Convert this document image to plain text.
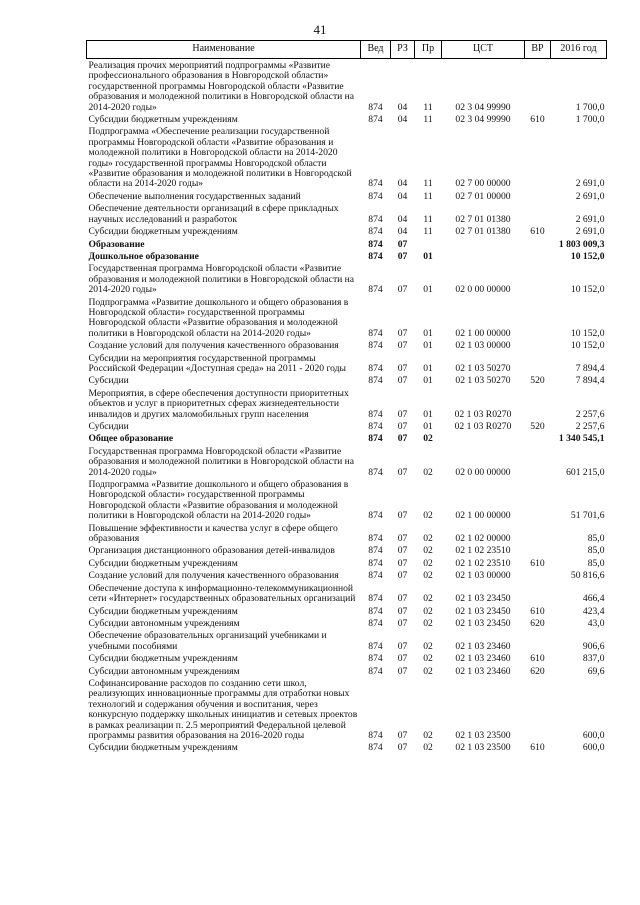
41
Наименование	Вед	РЗ	Пр	ЦСТ	ВР	2016 год
Реализация прочих мероприятий подпрограммы «Развитие профессионального образования в Новгородской области» государственной программы Новгородской области «Развитие образования и молодежной политики в Новгородской области на 2014-2020 годы»	874	04	11	02 3 04 99990		1 700,0
Субсидии бюджетным учреждениям	874	04	11	02 3 04 99990	610	1 700,0
Подпрограмма «Обеспечение реализации государственной программы Новгородской области «Развитие образования и молодежной политики в Новгородской области на 2014-2020 годы» государственной программы Новгородской области «Развитие образования и молодежной политики в Новгородской области на 2014-2020 годы»	874	04	11	02 7 00 00000		2 691,0
Обеспечение выполнения государственных заданий	874	04	11	02 7 01 00000		2 691,0
Обеспечение деятельности организаций в сфере прикладных научных исследований и разработок	874	04	11	02 7 01 01380		2 691,0
Субсидии бюджетным учреждениям	874	04	11	02 7 01 01380	610	2 691,0
Образование	874	07				1 803 009,3
Дошкольное образование	874	07	01			10 152,0
Государственная программа Новгородской области «Развитие образования и молодежной политики в Новгородской области на 2014-2020 годы»	874	07	01	02 0 00 00000		10 152,0
Подпрограмма «Развитие дошкольного и общего образования в Новгородской области» государственной программы Новгородской области «Развитие образования и молодежной политики в Новгородской области на 2014-2020 годы»	874	07	01	02 1 00 00000		10 152,0
Создание условий для получения качественного образования	874	07	01	02 1 03 00000		10 152,0
Субсидии на мероприятия государственной программы Российской Федерации «Доступная среда» на 2011 - 2020 годы	874	07	01	02 1 03 50270		7 894,4
Субсидии	874	07	01	02 1 03 50270	520	7 894,4
Мероприятия, в сфере обеспечения доступности приоритетных объектов и услуг в приоритетных сферах жизнедеятельности инвалидов и других маломобильных групп населения	874	07	01	02 1 03 R0270		2 257,6
Субсидии	874	07	01	02 1 03 R0270	520	2 257,6
Общее образование	874	07	02			1 340 545,1
Государственная программа Новгородской области «Развитие образования и молодежной политики в Новгородской области на 2014-2020 годы»	874	07	02	02 0 00 00000		601 215,0
Подпрограмма «Развитие дошкольного и общего образования в Новгородской области» государственной программы Новгородской области «Развитие образования и молодежной политики в Новгородской области на 2014-2020 годы»	874	07	02	02 1 00 00000		51 701,6
Повышение эффективности и качества услуг в сфере общего образования	874	07	02	02 1 02 00000		85,0
Организация дистанционного образования детей-инвалидов	874	07	02	02 1 02 23510		85,0
Субсидии бюджетным учреждениям	874	07	02	02 1 02 23510	610	85,0
Создание условий для получения качественного образования	874	07	02	02 1 03 00000		50 816,6
Обеспечение доступа к информационно-телекоммуникационной сети «Интернет» государственных образовательных организаций	874	07	02	02 1 03 23450		466,4
Субсидии бюджетным учреждениям	874	07	02	02 1 03 23450	610	423,4
Субсидии автономным учреждениям	874	07	02	02 1 03 23450	620	43,0
Обеспечение образовательных организаций учебниками и учебными пособиями	874	07	02	02 1 03 23460		906,6
Субсидии бюджетным учреждениям	874	07	02	02 1 03 23460	610	837,0
Субсидии автономным учреждениям	874	07	02	02 1 03 23460	620	69,6
Софинансирование расходов по созданию сети школ, реализующих инновационные программы для отработки новых технологий и содержания обучения и воспитания, через конкурсную поддержку школьных инициатив и сетевых проектов в рамках реализации п. 2.5 мероприятий Федеральной целевой программы развития образования на 2016-2020 годы	874	07	02	02 1 03 23500		600,0
Субсидии бюджетным учреждениям	874	07	02	02 1 03 23500	610	600,0
